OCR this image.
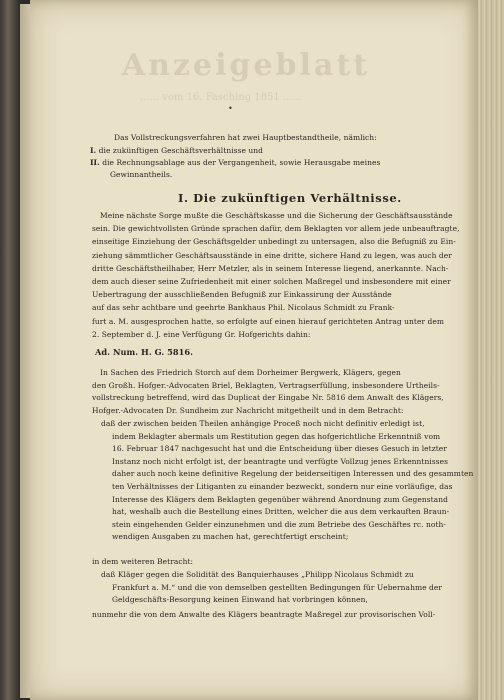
Anzeigeblatt
...... vom 16. Fasching 1851 ......
•
Das Vollstreckungsverfahren hat zwei Hauptbestandtheile, nämlich:
I. die zukünftigen Geschäftsverhältnisse und
II. die Rechnungsablage aus der Vergangenheit, sowie Herausgabe meines
Gewinnantheils.
I. Die zukünftigen Verhältnisse.
Meine nächste Sorge mußte die Geschäftskasse und die Sicherung der Geschäftsausstände
sein. Die gewichtvollsten Gründe sprachen dafür, dem Beklagten vor allem jede unbeauftragte,
einseitige Einziehung der Geschäftsgelder unbedingt zu untersagen, also die Befugniß zu Ein-
ziehung sämmtlicher Geschäftsausstände in eine dritte, sichere Hand zu legen, was auch der
dritte Geschäftstheilhaber, Herr Metzler, als in seinem Interesse liegend, anerkannte. Nach-
dem auch dieser seine Zufriedenheit mit einer solchen Maßregel und insbesondere mit einer
Uebertragung der ausschließenden Befugniß zur Einkassirung der Ausstände
auf das sehr achtbare und geehrte Bankhaus Phil. Nicolaus Schmidt zu Frank-
furt a. M. ausgesprochen hatte, so erfolgte auf einen hierauf gerichteten Antrag unter dem
2. September d. J. eine Verfügung Gr. Hofgerichts dahin:
Ad. Num. H. G. 5816.
In Sachen des Friedrich Storch auf dem Dorheimer Bergwerk, Klägers, gegen
den Großh. Hofger.-Advocaten Briel, Beklagten, Vertragserfüllung, insbesondere Urtheils-
vollstreckung betreffend, wird das Duplicat der Eingabe Nr. 5816 dem Anwalt des Klägers,
Hofger.-Advocaten Dr. Sundheim zur Nachricht mitgetheilt und in dem Betracht:
daß der zwischen beiden Theilen anhängige Proceß noch nicht definitiv erledigt ist,
indem Beklagter abermals um Restitution gegen das hofgerichtliche Erkenntniß vom
16. Februar 1847 nachgesucht hat und die Entscheidung über dieses Gesuch in letzter
Instanz noch nicht erfolgt ist, der beantragte und verfügte Vollzug jenes Erkenntnisses
daher auch noch keine definitive Regelung der beiderseitigen Interessen und des gesammten
ten Verhältnisses der Litiganten zu einander bezweckt, sondern nur eine vorläufige, das
Interesse des Klägers dem Beklagten gegenüber während Anordnung zum Gegenstand
hat, weshalb auch die Bestellung eines Dritten, welcher die aus dem verkauften Braun-
stein eingehenden Gelder einzunehmen und die zum Betriebe des Geschäftes rc. noth-
wendigen Ausgaben zu machen hat, gerechtfertigt erscheint;
in dem weiteren Betracht:
daß Kläger gegen die Solidität des Banquierhauses „Philipp Nicolaus Schmidt zu
Frankfurt a. M.“ und die von demselben gestellten Bedingungen für Uebernahme der
Geldgeschäfts-Besorgung keinen Einwand hat vorbringen können,
nunmehr die von dem Anwalte des Klägers beantragte Maßregel zur provisorischen Voll-
